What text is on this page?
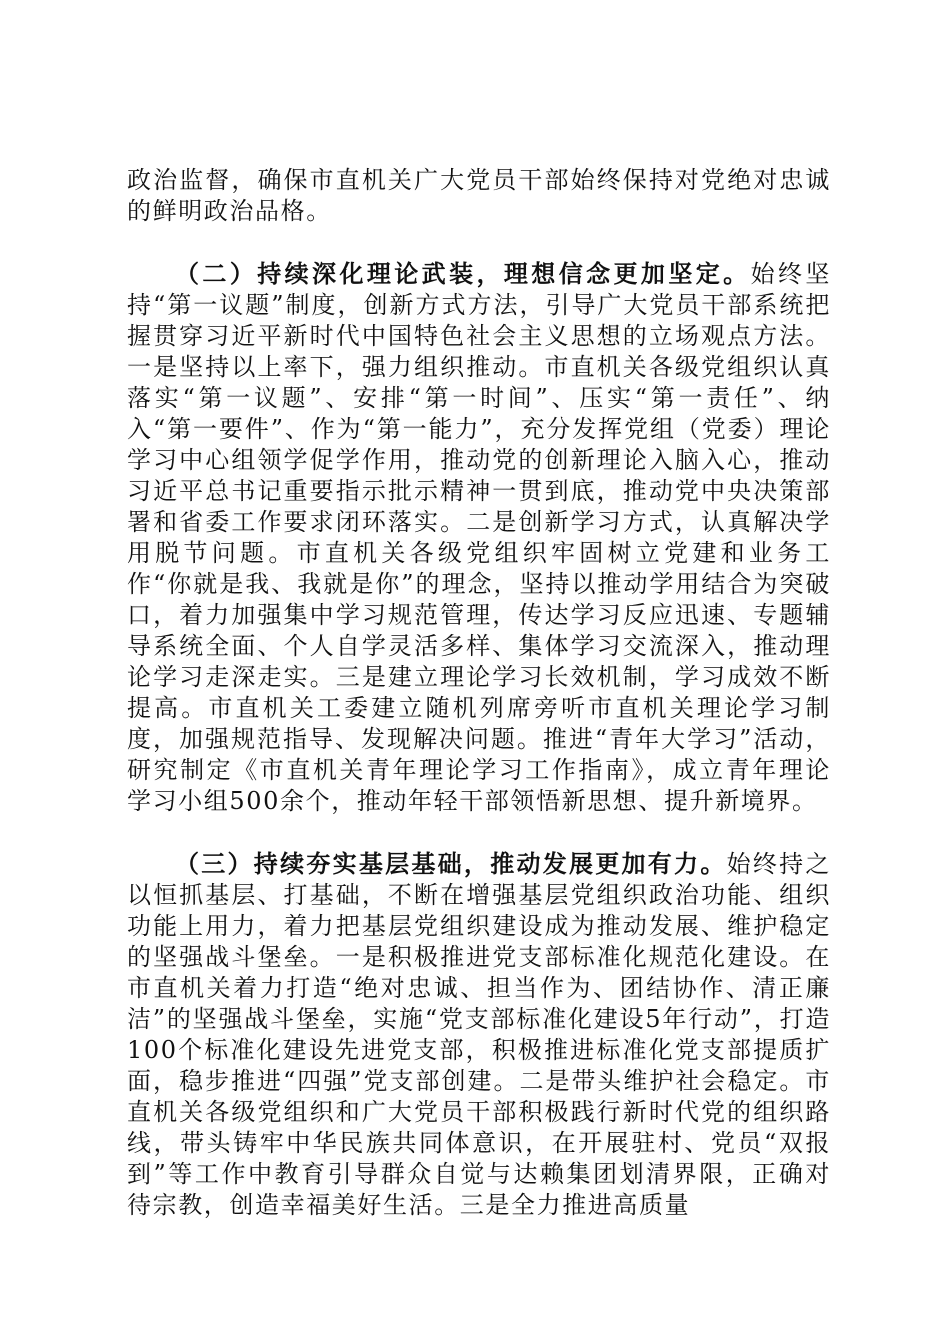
政治监督，确保市直机关广大党员干部始终保持对党绝对忠诚的鲜明政治品格。

（二）持续深化理论武装，理想信念更加坚定。始终坚持“第一议题”制度，创新方式方法，引导广大党员干部系统把握贯穿习近平新时代中国特色社会主义思想的立场观点方法。一是坚持以上率下，强力组织推动。市直机关各级党组织认真落实“第一议题”、安排“第一时间”、压实“第一责任”、纳入“第一要件”、作为“第一能力”，充分发挥党组（党委）理论学习中心组领学促学作用，推动党的创新理论入脑入心，推动习近平总书记重要指示批示精神一贯到底，推动党中央决策部署和省委工作要求闭环落实。二是创新学习方式，认真解决学用脱节问题。市直机关各级党组织牢固树立党建和业务工作“你就是我、我就是你”的理念，坚持以推动学用结合为突破口，着力加强集中学习规范管理，传达学习反应迅速、专题辅导系统全面、个人自学灵活多样、集体学习交流深入，推动理论学习走深走实。三是建立理论学习长效机制，学习成效不断提高。市直机关工委建立随机列席旁听市直机关理论学习制度，加强规范指导、发现解决问题。推进“青年大学习”活动，研究制定《市直机关青年理论学习工作指南》，成立青年理论学习小组500余个，推动年轻干部领悟新思想、提升新境界。

（三）持续夯实基层基础，推动发展更加有力。始终持之以恒抓基层、打基础，不断在增强基层党组织政治功能、组织功能上用力，着力把基层党组织建设成为推动发展、维护稳定的坚强战斗堡垒。一是积极推进党支部标准化规范化建设。在市直机关着力打造“绝对忠诚、担当作为、团结协作、清正廉洁”的坚强战斗堡垒，实施“党支部标准化建设5年行动”，打造100个标准化建设先进党支部，积极推进标准化党支部提质扩面，稳步推进“四强”党支部创建。二是带头维护社会稳定。市直机关各级党组织和广大党员干部积极践行新时代党的组织路线，带头铸牢中华民族共同体意识，在开展驻村、党员“双报到”等工作中教育引导群众自觉与达赖集团划清界限，正确对待宗教，创造幸福美好生活。三是全力推进高质量
